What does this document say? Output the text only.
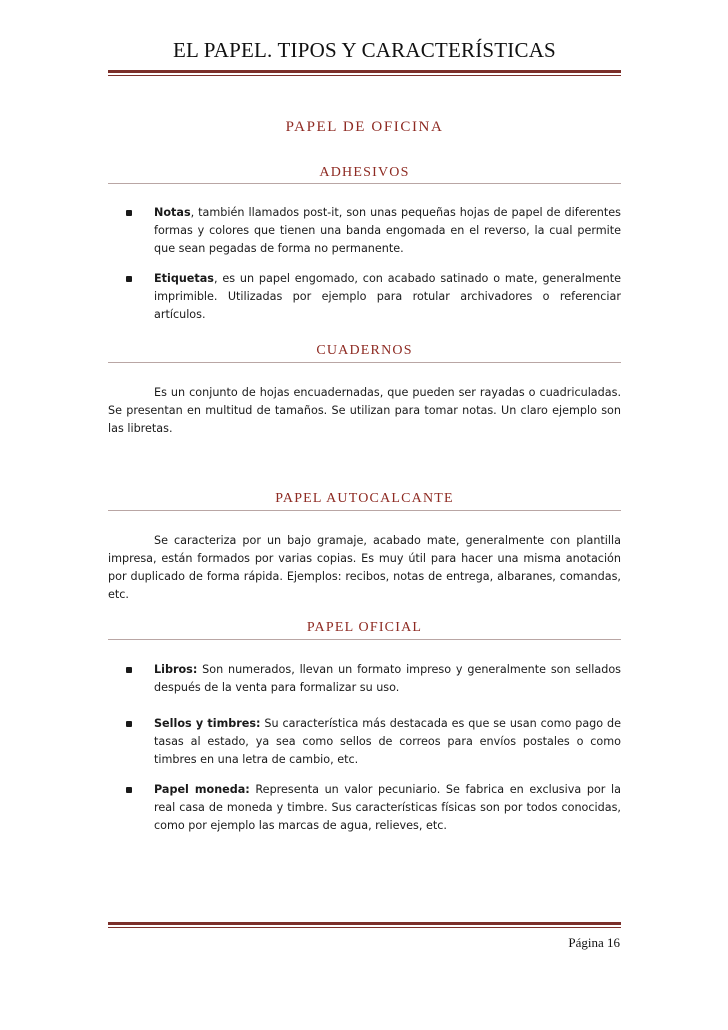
EL PAPEL. TIPOS Y CARACTERÍSTICAS
PAPEL DE OFICINA
ADHESIVOS
Notas, también llamados post-it, son unas pequeñas hojas de papel de diferentes formas y colores que tienen una banda engomada en el reverso, la cual permite que sean pegadas de forma no permanente.
Etiquetas, es un papel engomado, con acabado satinado o mate, generalmente imprimible. Utilizadas por ejemplo para rotular archivadores o referenciar artículos.
CUADERNOS
Es un conjunto de hojas encuadernadas, que pueden ser rayadas o cuadriculadas. Se presentan en multitud de tamaños. Se utilizan para tomar notas. Un claro ejemplo son las libretas.
PAPEL AUTOCALCANTE
Se caracteriza por un bajo gramaje, acabado mate, generalmente con plantilla impresa, están formados por varias copias. Es muy útil para hacer una misma anotación por duplicado de forma rápida. Ejemplos: recibos, notas de entrega, albaranes, comandas, etc.
PAPEL OFICIAL
Libros: Son numerados, llevan un formato impreso y generalmente son sellados después de la venta para formalizar su uso.
Sellos y timbres: Su característica más destacada es que se usan como pago de tasas al estado, ya sea como sellos de correos para envíos postales o como timbres en una letra de cambio, etc.
Papel moneda: Representa un valor pecuniario. Se fabrica en exclusiva por la real casa de moneda y timbre. Sus características físicas son por todos conocidas, como por ejemplo las marcas de agua, relieves, etc.
Página 16
